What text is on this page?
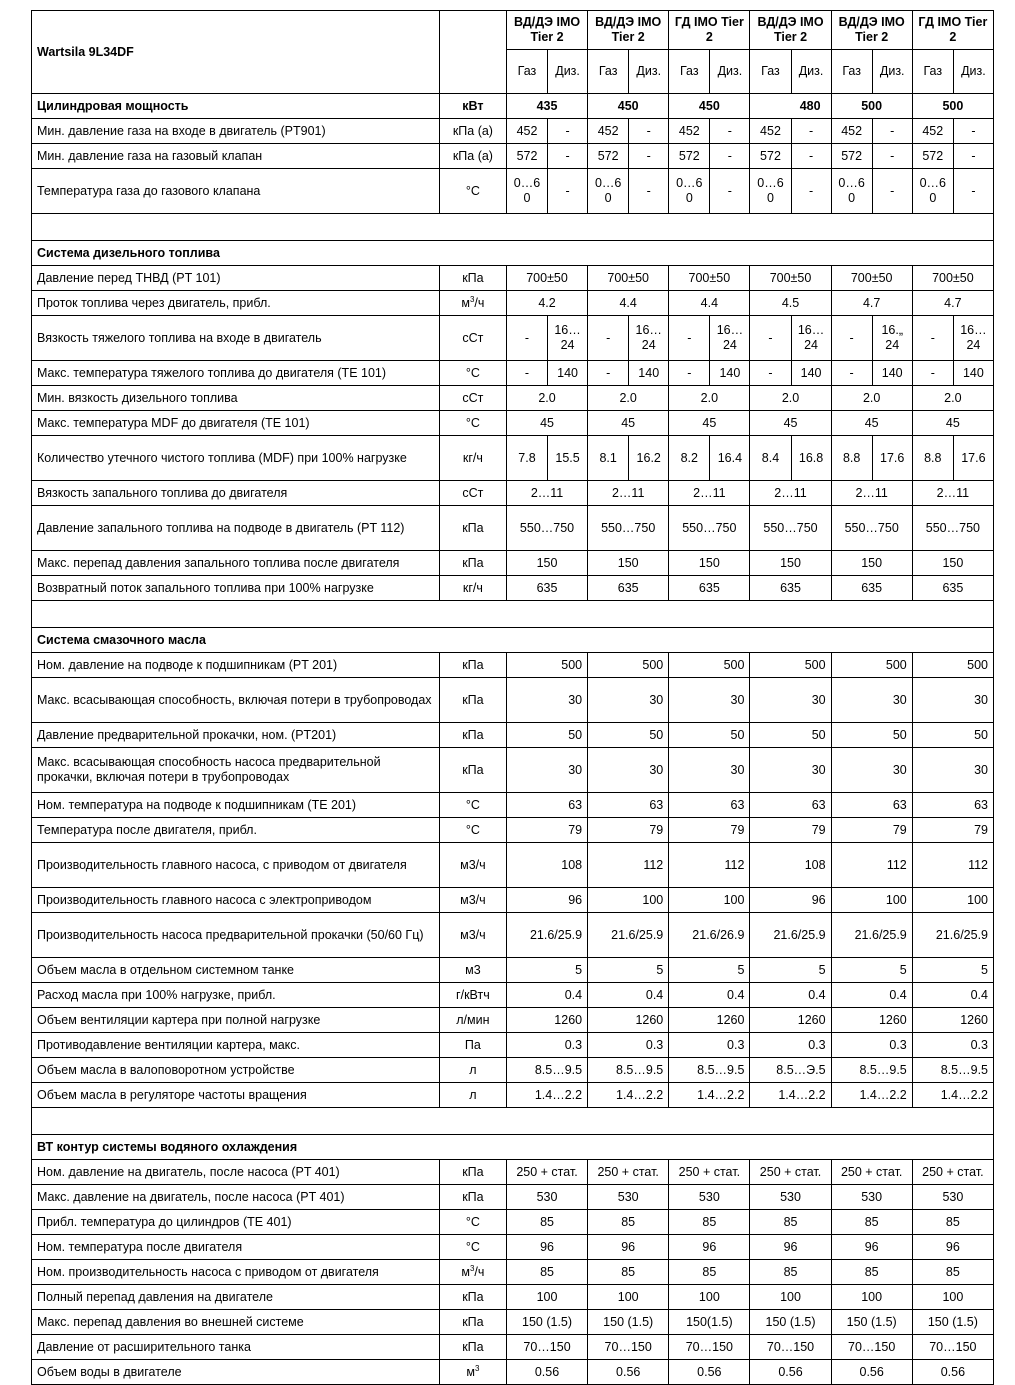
Wartsila 9L34DF		ВД/ДЭ IMO Tier 2		ВД/ДЭ IMO Tier 2		ГД IMO Tier 2		ВД/ДЭ IMO Tier 2		ВД/ДЭ IMO Tier 2		ГД IMO Tier 2	
		Газ	Диз.	Газ	Диз.	Газ	Диз.	Газ	Диз.	Газ	Диз.	Газ	Диз.
Цилиндровая мощность	кВт	435		450		450		480		500		500	
Мин. давление газа на входе в двигатель (PT901)	кПа (а)	452	-	452	-	452	-	452	-	452	-	452	-
Мин. давление газа на газовый клапан	кПа (а)	572	-	572	-	572	-	572	-	572	-	572	-
Температура газа до газового клапана	°C	0…6 0	-	0…6 0	-	0…6 0	-	0…6 0	-	0…6 0	-	0…6 0	-

Система дизельного топлива													
Давление перед ТНВД (PT 101)	кПа	700±50		700±50		700±50		700±50		700±50		700±50	
Проток топлива через двигатель, прибл.	$м^3/ч$	4.2		4.4		4.4		4.5		4.7		4.7	
Вязкость тяжелого топлива на входе в двигатель	сСт	-	16… 24	-	16… 24	-	16… 24	-	16… 24	-	16.„ 24	-	16… 24
Макс. температура тяжелого топлива до двигателя (TE 101)	°C	-	140	-	140	-	140	-	140	-	140	-	140
Мин. вязкость дизельного топлива	сСт	2.0		2.0		2.0		2.0		2.0		2.0	
Макс. температура MDF до двигателя (TE 101)	°C	45		45		45		45		45		45	
Количество утечного чистого топлива (MDF) при 100% нагрузке	кг/ч	7.8	15.5	8.1	16.2	8.2	16.4	8.4	16.8	8.8	17.6	8.8	17.6
Вязкость запального топлива до двигателя	сСт	2…11		2…11		2…11		2…11		2…11		2…11	
Давление запального топлива на подводе в двигатель (PT 112)	кПа	550…750		550…750		550…750		550…750		550…750		550…750	
Макс. перепад давления запального топлива после двигателя	кПа	150		150		150		150		150		150	
Возвратный поток запального топлива при 100% нагрузке	кг/ч	635		635		635		635		635		635	

Система смазочного масла													
Ном. давление на подводе к подшипникам (PT 201)	кПа	500		500		500		500		500		500	
Макс. всасывающая способность, включая потери в трубопроводах	кПа	30		30		30		30		30		30	
Давление предварительной прокачки, ном. (PT201)	кПа	50		50		50		50		50		50	
Макс. всасывающая способность насоса предварительной прокачки, включая потери в трубопроводах	кПа	30		30		30		30		30		30	
Ном. температура на подводе к подшипникам (TE 201)	°C	63		63		63		63		63		63	
Температура после двигателя, прибл.	°C	79		79		79		79		79		79	
Производительность главного насоса, с приводом от двигателя	м3/ч	108		112		112		108		112		112	
Производительность главного насоса с электроприводом	м3/ч	96		100		100		96		100		100	
Производительность насоса предварительной прокачки (50/60 Гц)	м3/ч	21.6/25.9		21.6/25.9		21.6/26.9		21.6/25.9		21.6/25.9		21.6/25.9	
Объем масла в отдельном системном танке	м3	5		5		5		5		5		5	
Расход масла при 100% нагрузке, прибл.	г/кВтч	0.4		0.4		0.4		0.4		0.4		0.4	
Объем вентиляции картера при полной нагрузке	л/мин	1260		1260		1260		1260		1260		1260	
Противодавление вентиляции картера, макс.	Па	0.3		0.3		0.3		0.3		0.3		0.3	
Объем масла в валоповоротном устройстве	л	8.5…9.5		8.5…9.5		8.5…9.5		8.5…Э.5		8.5…9.5		8.5…9.5	
Объем масла в регуляторе частоты вращения	л	1.4…2.2		1.4…2.2		1.4…2.2		1.4…2.2		1.4…2.2		1.4…2.2	

ВТ контур системы водяного охлаждения													
Ном. давление на двигатель, после насоса (PT 401)	кПа	250 + стат.		250 + стат.		250 + стат.		250 + стат.		250 + стат.		250 + стат.	
Макс. давление на двигатель, после насоса (PT 401)	кПа	530		530		530		530		530		530	
Прибл. температура до цилиндров (TE 401)	°C	85		85		85		85		85		85	
Ном. температура после двигателя	°C	96		96		96		96		96		96	
Ном. производительность насоса с приводом от двигателя	$м^3/ч$	85		85		85		85		85		85	
Полный перепад давления на двигателе	кПа	100		100		100		100		100		100	
Макс. перепад давления во внешней системе	кПа	150 (1.5)		150 (1.5)		150(1.5)		150 (1.5)		150 (1.5)		150 (1.5)	
Давление от расширительного танка	кПа	70…150		70…150		70…150		70…150		70…150		70…150	
Объем воды в двигателе	$м^3$	0.56		0.56		0.56		0.56		0.56		0.56	
